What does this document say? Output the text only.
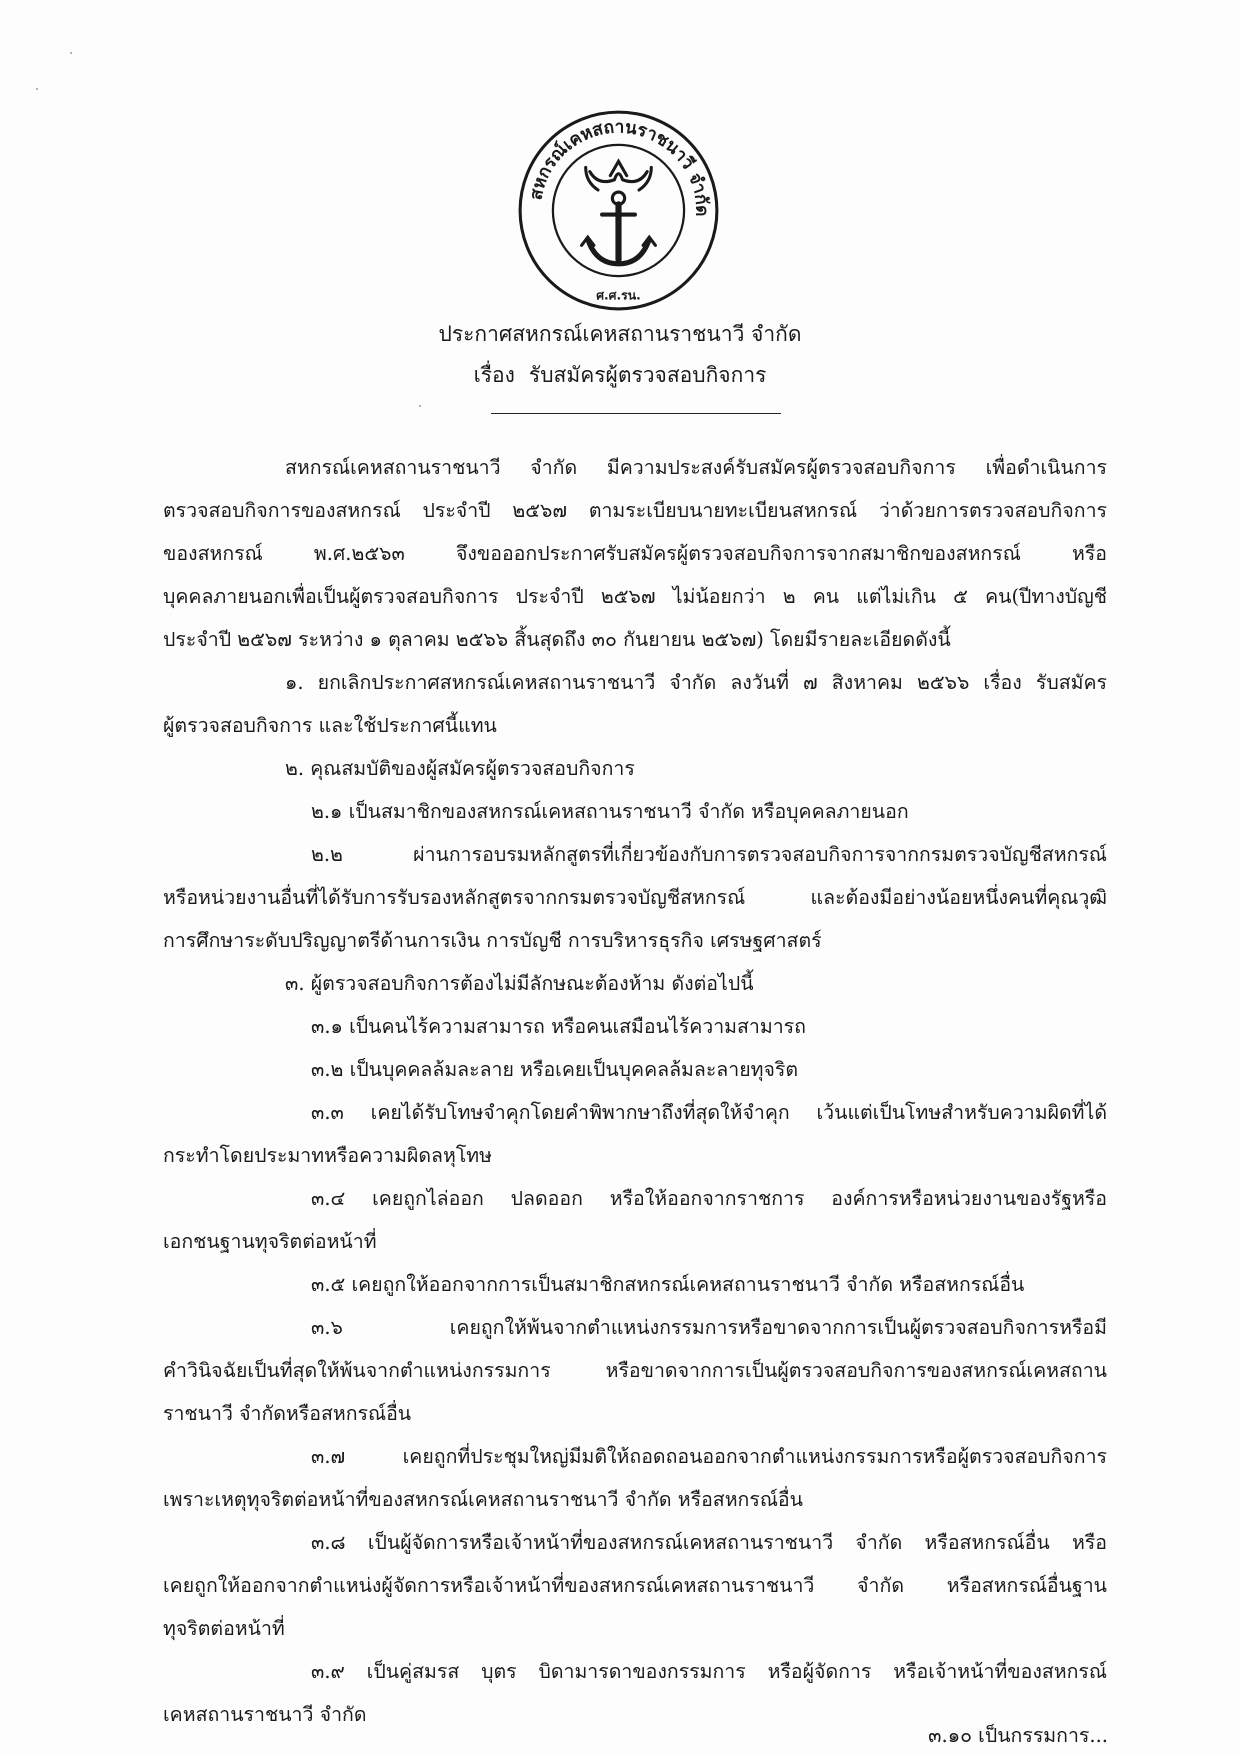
สหกรณ์เคหสถานราชนาวี จำกัด
ศ.ศ.รน.
ประกาศสหกรณ์เคหสถานราชนาวี จำกัด
เรื่อง รับสมัครผู้ตรวจสอบกิจการ
สหกรณ์เคหสถานราชนาวี จำกัด มีความประสงค์รับสมัครผู้ตรวจสอบกิจการ เพื่อดำเนินการ
ตรวจสอบกิจการของสหกรณ์ ประจำปี ๒๕๖๗ ตามระเบียบนายทะเบียนสหกรณ์ ว่าด้วยการตรวจสอบกิจการ
ของสหกรณ์ พ.ศ.๒๕๖๓ จึงขอออกประกาศรับสมัครผู้ตรวจสอบกิจการจากสมาชิกของสหกรณ์ หรือ
บุคคลภายนอกเพื่อเป็นผู้ตรวจสอบกิจการ ประจำปี ๒๕๖๗ ไม่น้อยกว่า ๒ คน แต่ไม่เกิน ๕ คน(ปีทางบัญชี
ประจำปี ๒๕๖๗ ระหว่าง ๑ ตุลาคม ๒๕๖๖ สิ้นสุดถึง ๓๐ กันยายน ๒๕๖๗) โดยมีรายละเอียดดังนี้
๑. ยกเลิกประกาศสหกรณ์เคหสถานราชนาวี จำกัด ลงวันที่ ๗ สิงหาคม ๒๕๖๖ เรื่อง รับสมัคร
ผู้ตรวจสอบกิจการ และใช้ประกาศนี้แทน
๒. คุณสมบัติของผู้สมัครผู้ตรวจสอบกิจการ
๒.๑ เป็นสมาชิกของสหกรณ์เคหสถานราชนาวี จำกัด หรือบุคคลภายนอก
๒.๒ ผ่านการอบรมหลักสูตรที่เกี่ยวข้องกับการตรวจสอบกิจการจากกรมตรวจบัญชีสหกรณ์
หรือหน่วยงานอื่นที่ได้รับการรับรองหลักสูตรจากกรมตรวจบัญชีสหกรณ์ และต้องมีอย่างน้อยหนึ่งคนที่คุณวุฒิ
การศึกษาระดับปริญญาตรีด้านการเงิน การบัญชี การบริหารธุรกิจ เศรษฐศาสตร์
๓. ผู้ตรวจสอบกิจการต้องไม่มีลักษณะต้องห้าม ดังต่อไปนี้
๓.๑ เป็นคนไร้ความสามารถ หรือคนเสมือนไร้ความสามารถ
๓.๒ เป็นบุคคลล้มละลาย หรือเคยเป็นบุคคลล้มละลายทุจริต
๓.๓ เคยได้รับโทษจำคุกโดยคำพิพากษาถึงที่สุดให้จำคุก เว้นแต่เป็นโทษสำหรับความผิดที่ได้
กระทำโดยประมาทหรือความผิดลหุโทษ
๓.๔ เคยถูกไล่ออก ปลดออก หรือให้ออกจากราชการ องค์การหรือหน่วยงานของรัฐหรือ
เอกชนฐานทุจริตต่อหน้าที่
๓.๕ เคยถูกให้ออกจากการเป็นสมาชิกสหกรณ์เคหสถานราชนาวี จำกัด หรือสหกรณ์อื่น
๓.๖ เคยถูกให้พ้นจากตำแหน่งกรรมการหรือขาดจากการเป็นผู้ตรวจสอบกิจการหรือมี
คำวินิจฉัยเป็นที่สุดให้พ้นจากตำแหน่งกรรมการ หรือขาดจากการเป็นผู้ตรวจสอบกิจการของสหกรณ์เคหสถาน
ราชนาวี จำกัดหรือสหกรณ์อื่น
๓.๗ เคยถูกที่ประชุมใหญ่มีมติให้ถอดถอนออกจากตำแหน่งกรรมการหรือผู้ตรวจสอบกิจการ
เพราะเหตุทุจริตต่อหน้าที่ของสหกรณ์เคหสถานราชนาวี จำกัด หรือสหกรณ์อื่น
๓.๘ เป็นผู้จัดการหรือเจ้าหน้าที่ของสหกรณ์เคหสถานราชนาวี จำกัด หรือสหกรณ์อื่น หรือ
เคยถูกให้ออกจากตำแหน่งผู้จัดการหรือเจ้าหน้าที่ของสหกรณ์เคหสถานราชนาวี จำกัด หรือสหกรณ์อื่นฐาน
ทุจริตต่อหน้าที่
๓.๙ เป็นคู่สมรส บุตร บิดามารดาของกรรมการ หรือผู้จัดการ หรือเจ้าหน้าที่ของสหกรณ์
เคหสถานราชนาวี จำกัด
๓.๑๐ เป็นกรรมการ...
